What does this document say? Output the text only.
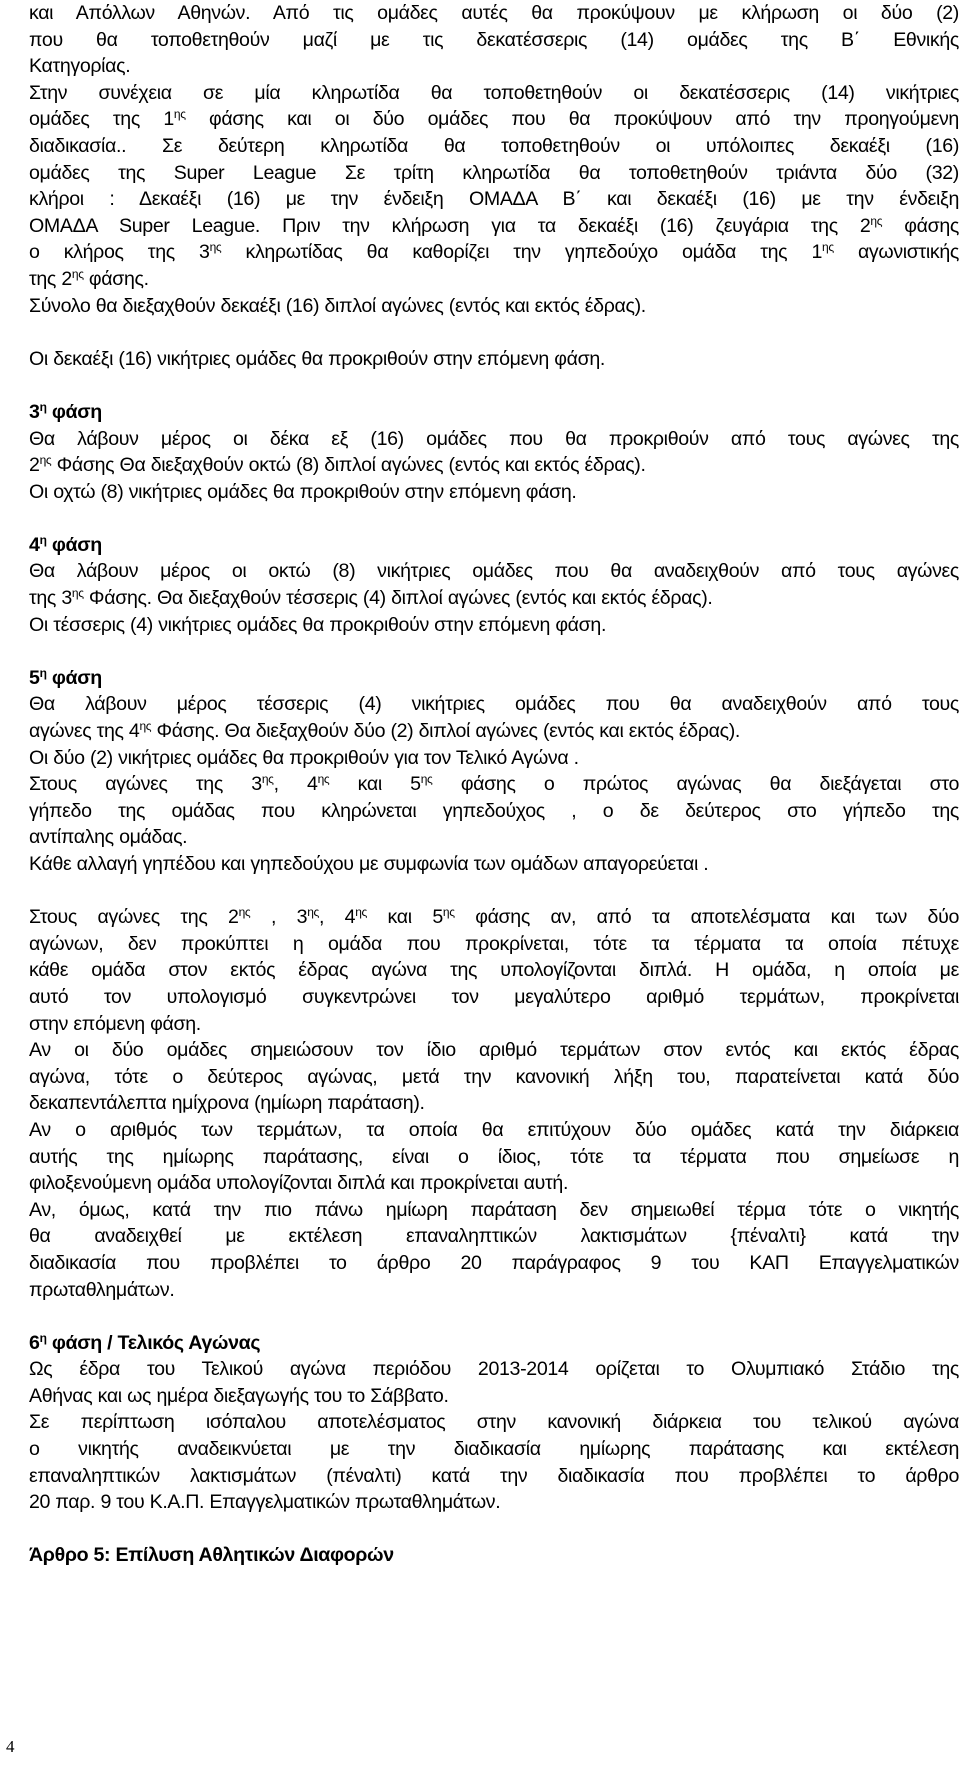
και Απόλλων Αθηνών. Από τις ομάδες αυτές θα προκύψουν με κλήρωση οι δύο (2)
που θα τοποθετηθούν μαζί με τις δεκατέσσερις (14) ομάδες της Β΄ Εθνικής
Κατηγορίας.
Στην συνέχεια σε μία κληρωτίδα θα τοποθετηθούν οι δεκατέσσερις (14) νικήτριες
ομάδες της $1^{\eta\varsigma}$ φάσης και οι δύο ομάδες που θα προκύψουν από την προηγούμενη
διαδικασία.. Σε δεύτερη κληρωτίδα θα τοποθετηθούν οι υπόλοιπες δεκαέξι (16)
ομάδες της Super League Σε τρίτη κληρωτίδα θα τοποθετηθούν τριάντα δύο (32)
κλήροι : Δεκαέξι (16) με την ένδειξη ΟΜΑΔΑ Β΄ και δεκαέξι (16) με την ένδειξη
ΟΜΑΔΑ Super League. Πριν την κλήρωση για τα δεκαέξι (16) ζευγάρια της $2^{\eta\varsigma}$ φάσης
ο κλήρος της $3^{\eta\varsigma}$ κληρωτίδας θα καθορίζει την γηπεδούχο ομάδα της $1^{\eta\varsigma}$ αγωνιστικής
της $2^{\eta\varsigma}$ φάσης.
Σύνολο θα διεξαχθούν δεκαέξι (16) διπλοί αγώνες (εντός και εκτός έδρας).
Οι δεκαέξι (16) νικήτριες ομάδες θα προκριθούν στην επόμενη φάση.
$3^\eta$ φάση
Θα λάβουν μέρος οι δέκα εξ (16) ομάδες που θα προκριθούν από τους αγώνες της
$2^{\eta\varsigma}$ Φάσης Θα διεξαχθούν οκτώ (8) διπλοί αγώνες (εντός και εκτός έδρας).
Οι οχτώ (8) νικήτριες ομάδες θα προκριθούν στην επόμενη φάση.
$4^\eta$ φάση
Θα λάβουν μέρος οι οκτώ (8) νικήτριες ομάδες που θα αναδειχθούν από τους αγώνες
της $3^{\eta\varsigma}$ Φάσης. Θα διεξαχθούν τέσσερις (4) διπλοί αγώνες (εντός και εκτός έδρας).
Οι τέσσερις (4) νικήτριες ομάδες θα προκριθούν στην επόμενη φάση.
$5^\eta$ φάση
Θα λάβουν μέρος τέσσερις (4) νικήτριες ομάδες που θα αναδειχθούν από τους
αγώνες της $4^{\eta\varsigma}$ Φάσης. Θα διεξαχθούν δύο (2) διπλοί αγώνες (εντός και εκτός έδρας).
Οι δύο (2) νικήτριες ομάδες θα προκριθούν για τον Τελικό Αγώνα .
Στους αγώνες της $3^{\eta\varsigma}$, $4^{\eta\varsigma}$ και $5^{\eta\varsigma}$ φάσης ο πρώτος αγώνας θα διεξάγεται στο
γήπεδο της ομάδας που κληρώνεται γηπεδούχος , ο δε δεύτερος στο γήπεδο της
αντίπαλης ομάδας.
Κάθε αλλαγή γηπέδου και γηπεδούχου με συμφωνία των ομάδων απαγορεύεται .
Στους αγώνες της $2^{\eta\varsigma}$ , $3^{\eta\varsigma}$, $4^{\eta\varsigma}$ και $5^{\eta\varsigma}$ φάσης αν, από τα αποτελέσματα και των δύο
αγώνων, δεν προκύπτει η ομάδα που προκρίνεται, τότε τα τέρματα τα οποία πέτυχε
κάθε ομάδα στον εκτός έδρας αγώνα της υπολογίζονται διπλά. Η ομάδα, η οποία με
αυτό τον υπολογισμό συγκεντρώνει τον μεγαλύτερο αριθμό τερμάτων, προκρίνεται
στην επόμενη φάση.
Αν οι δύο ομάδες σημειώσουν τον ίδιο αριθμό τερμάτων στον εντός και εκτός έδρας
αγώνα, τότε ο δεύτερος αγώνας, μετά την κανονική λήξη του, παρατείνεται κατά δύο
δεκαπεντάλεπτα ημίχρονα (ημίωρη παράταση).
Αν ο αριθμός των τερμάτων, τα οποία θα επιτύχουν δύο ομάδες κατά την διάρκεια
αυτής της ημίωρης παράτασης, είναι ο ίδιος, τότε τα τέρματα που σημείωσε η
φιλοξενούμενη ομάδα υπολογίζονται διπλά και προκρίνεται αυτή.
Αν, όμως, κατά την πιο πάνω ημίωρη παράταση δεν σημειωθεί τέρμα τότε ο νικητής
θα αναδειχθεί με εκτέλεση επαναληπτικών λακτισμάτων {πέναλτι} κατά την
διαδικασία που προβλέπει το άρθρο 20 παράγραφος 9 του ΚΑΠ Επαγγελματικών
πρωταθλημάτων.
$6^\eta$ φάση / Τελικός Αγώνας
Ως έδρα του Τελικού αγώνα περιόδου 2013-2014 ορίζεται το Ολυμπιακό Στάδιο της
Αθήνας και ως ημέρα διεξαγωγής του το Σάββατο.
Σε περίπτωση ισόπαλου αποτελέσματος στην κανονική διάρκεια του τελικού αγώνα
ο νικητής αναδεικνύεται με την διαδικασία ημίωρης παράτασης και εκτέλεση
επαναληπτικών λακτισμάτων (πέναλτι) κατά την διαδικασία που προβλέπει το άρθρο
20 παρ. 9 του Κ.Α.Π. Επαγγελματικών πρωταθλημάτων.
Άρθρο 5: Επίλυση Αθλητικών Διαφορών
4
